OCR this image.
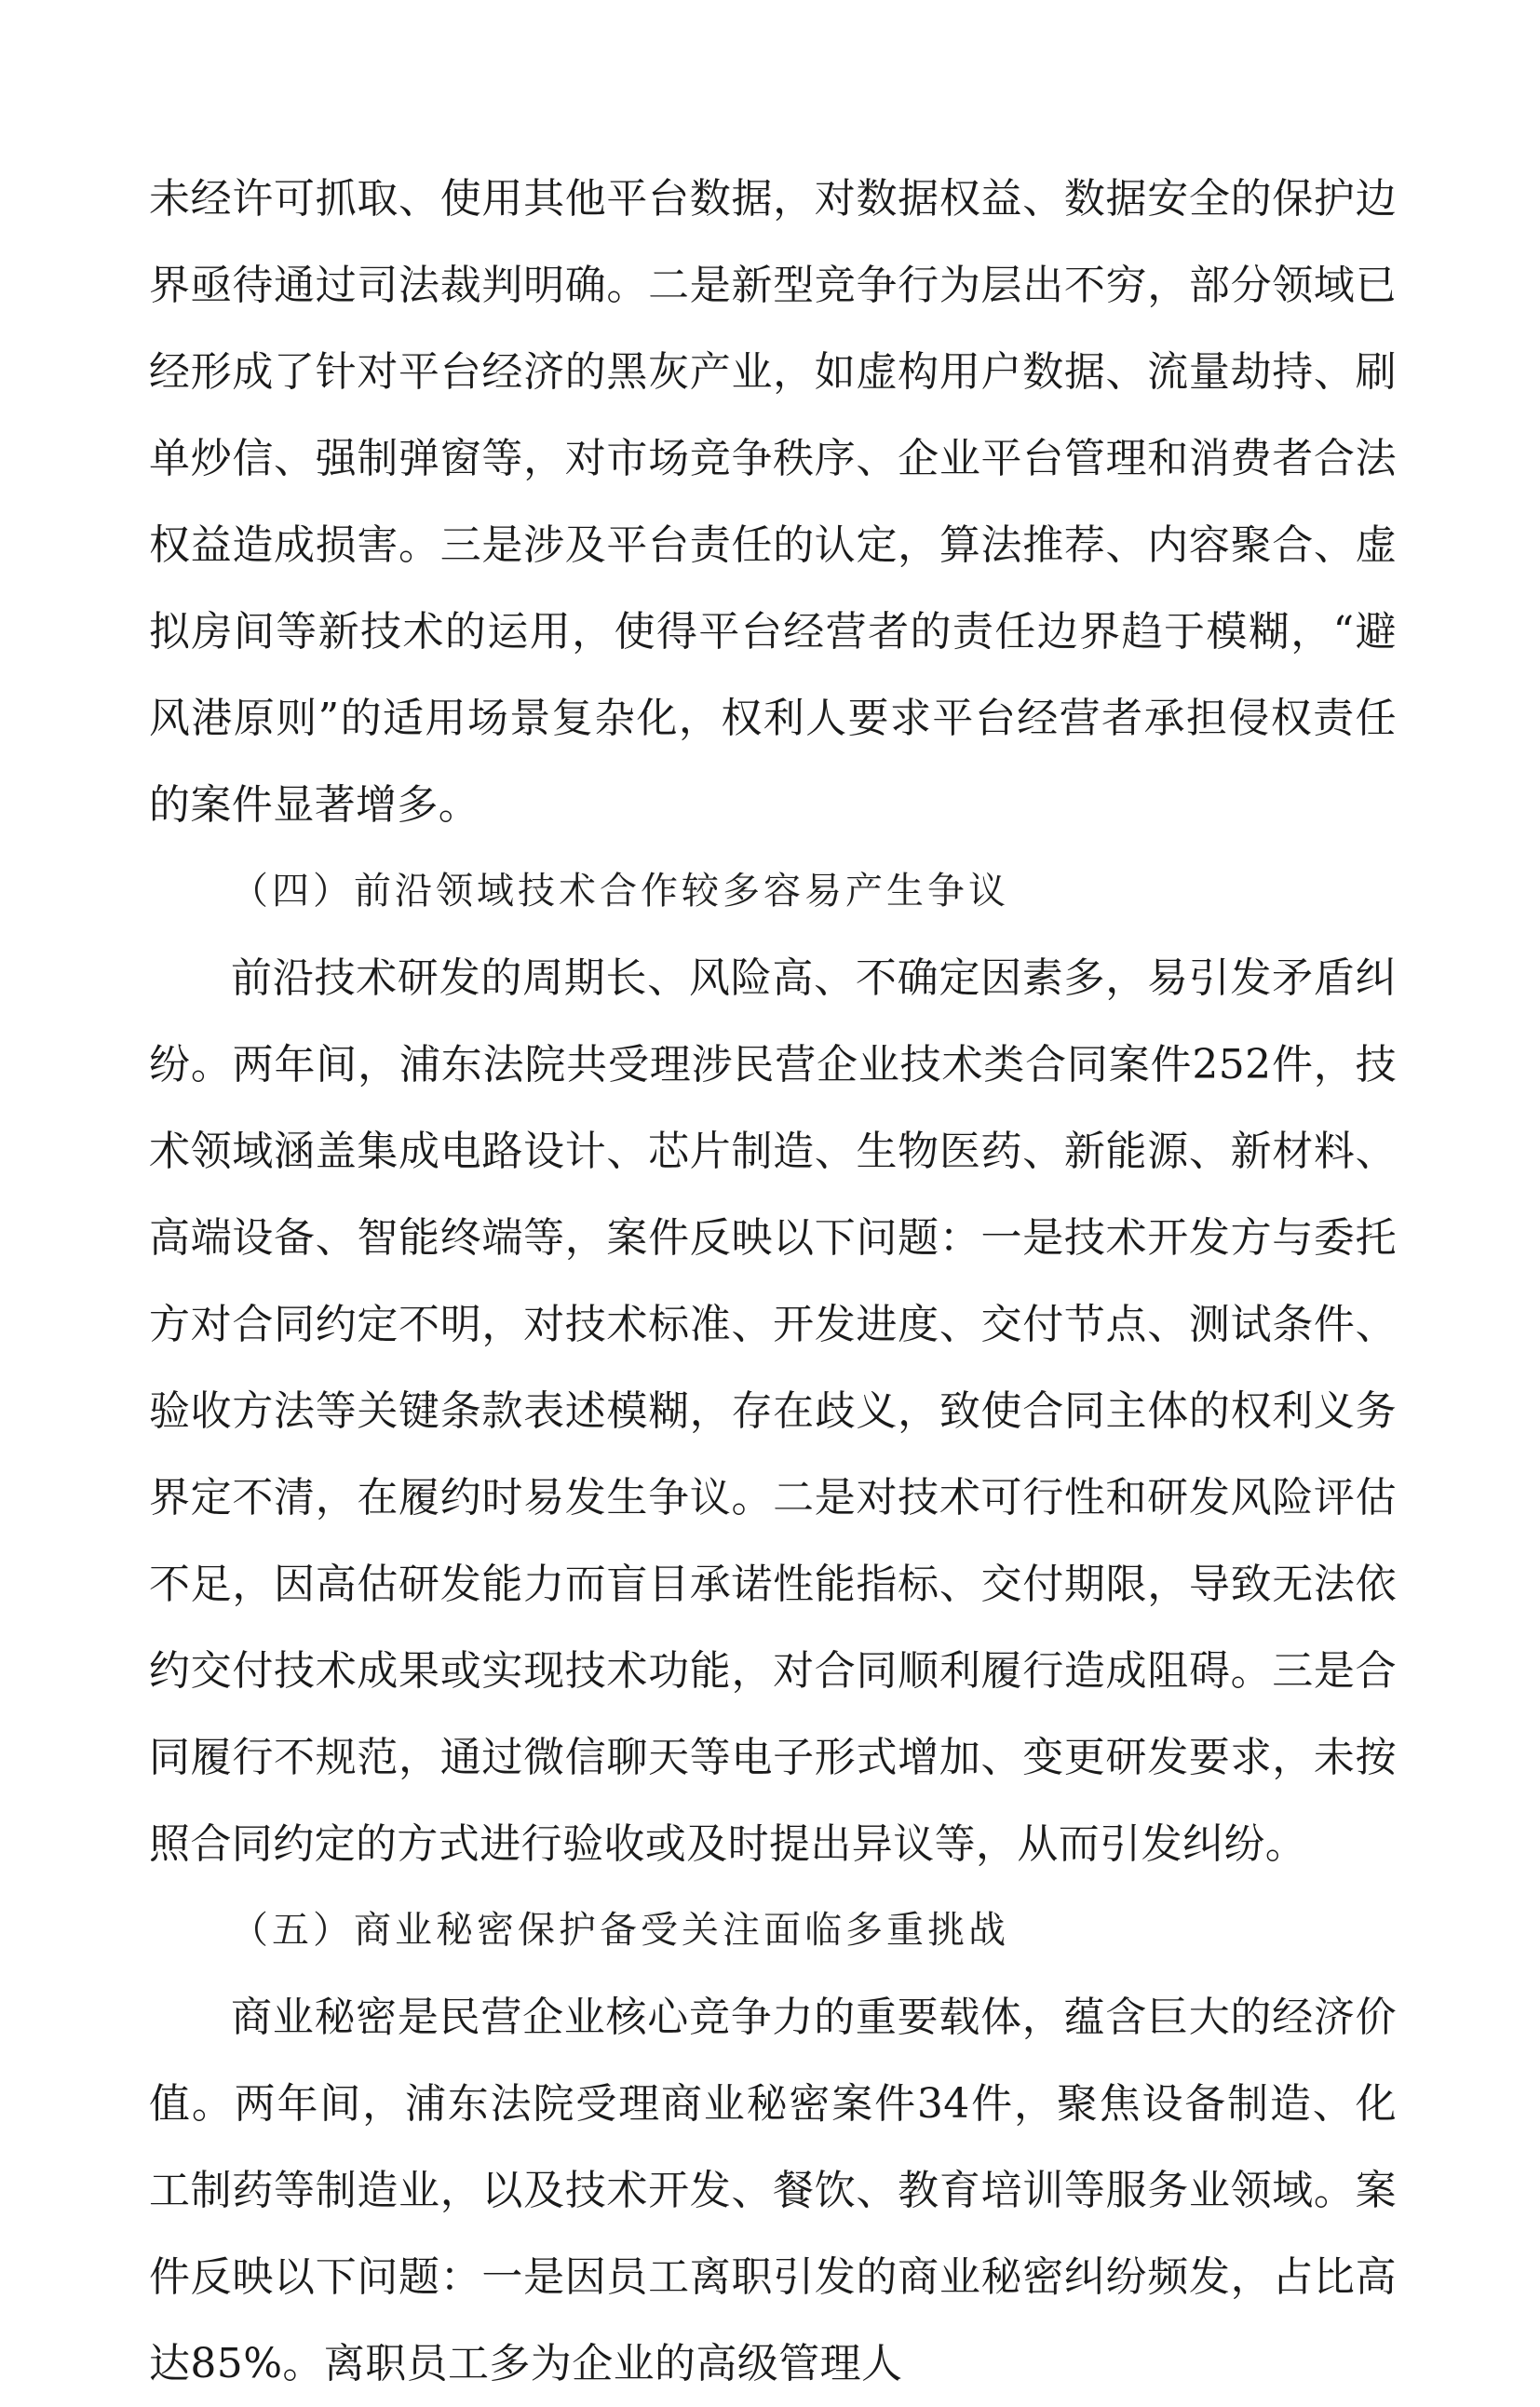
未经许可抓取、使用其他平台数据，对数据权益、数据安全的保护边界亟待通过司法裁判明确。二是新型竞争行为层出不穷，部分领域已经形成了针对平台经济的黑灰产业，如虚构用户数据、流量劫持、刷单炒信、强制弹窗等，对市场竞争秩序、企业平台管理和消费者合法权益造成损害。三是涉及平台责任的认定，算法推荐、内容聚合、虚拟房间等新技术的运用，使得平台经营者的责任边界趋于模糊，“避风港原则”的适用场景复杂化，权利人要求平台经营者承担侵权责任的案件显著增多。

（四）前沿领域技术合作较多容易产生争议

前沿技术研发的周期长、风险高、不确定因素多，易引发矛盾纠纷。两年间，浦东法院共受理涉民营企业技术类合同案件252件，技术领域涵盖集成电路设计、芯片制造、生物医药、新能源、新材料、高端设备、智能终端等，案件反映以下问题：一是技术开发方与委托方对合同约定不明，对技术标准、开发进度、交付节点、测试条件、验收方法等关键条款表述模糊，存在歧义，致使合同主体的权利义务界定不清，在履约时易发生争议。二是对技术可行性和研发风险评估不足，因高估研发能力而盲目承诺性能指标、交付期限，导致无法依约交付技术成果或实现技术功能，对合同顺利履行造成阻碍。三是合同履行不规范，通过微信聊天等电子形式增加、变更研发要求，未按照合同约定的方式进行验收或及时提出异议等，从而引发纠纷。

（五）商业秘密保护备受关注面临多重挑战

商业秘密是民营企业核心竞争力的重要载体，蕴含巨大的经济价值。两年间，浦东法院受理商业秘密案件34件，聚焦设备制造、化工制药等制造业，以及技术开发、餐饮、教育培训等服务业领域。案件反映以下问题：一是因员工离职引发的商业秘密纠纷频发，占比高达85%。离职员工多为企业的高级管理人
